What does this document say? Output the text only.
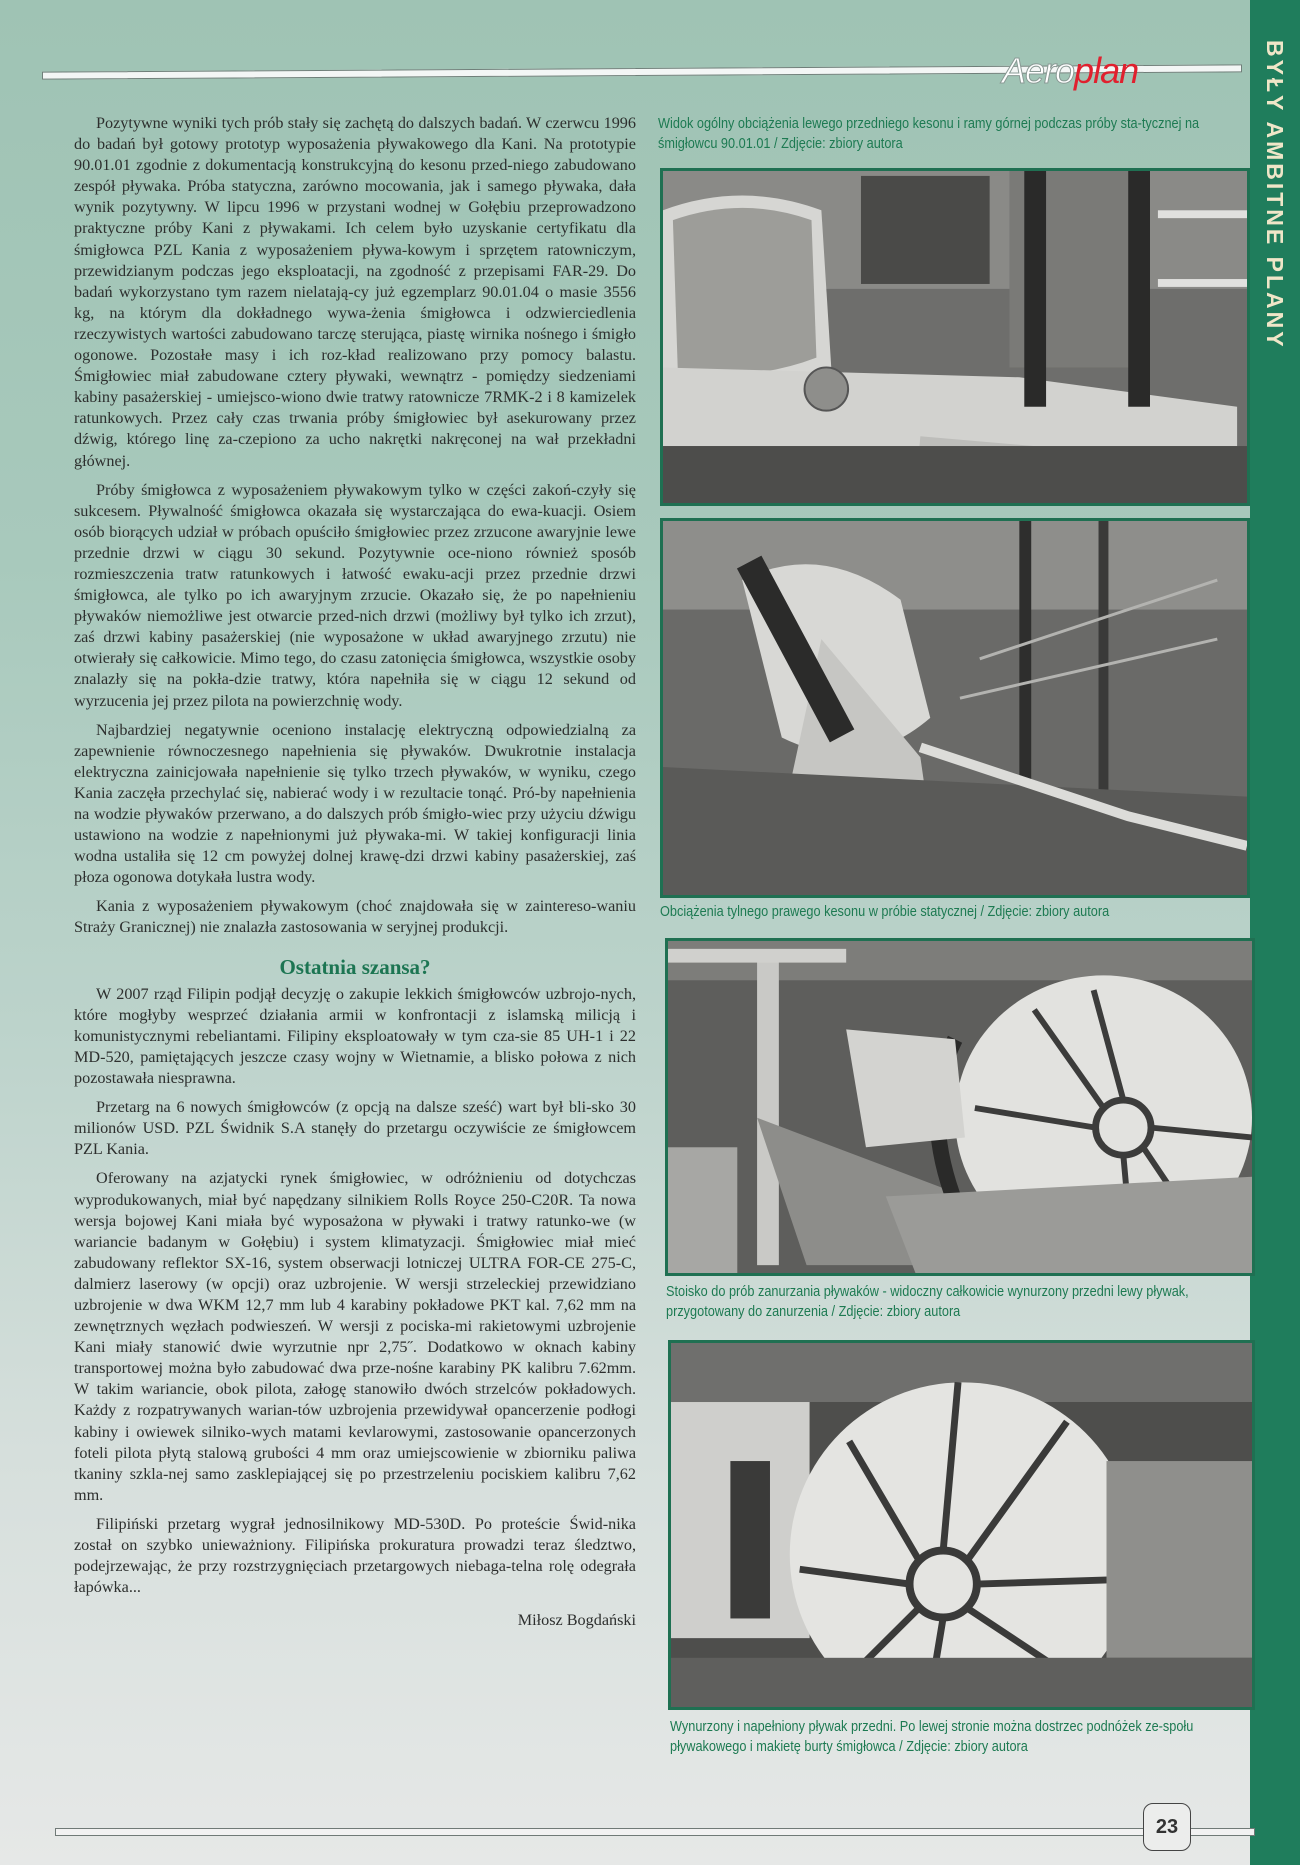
Aeroplan	BYŁY AMBITNE PLANY

Pozytywne wyniki tych prób stały się zachętą do dalszych badań. W czerwcu 1996 do badań był gotowy prototyp wyposażenia pływakowego dla Kani. Na prototypie 90.01.01 zgodnie z dokumentacją konstrukcyjną do kesonu przed-niego zabudowano zespół pływaka. Próba statyczna, zarówno mocowania, jak i samego pływaka, dała wynik pozytywny. W lipcu 1996 w przystani wodnej w Gołębiu przeprowadzono praktyczne próby Kani z pływakami. Ich celem było uzyskanie certyfikatu dla śmigłowca PZL Kania z wyposażeniem pływa-kowym i sprzętem ratowniczym, przewidzianym podczas jego eksploatacji, na zgodność z przepisami FAR-29. Do badań wykorzystano tym razem nielatają-cy już egzemplarz 90.01.04 o masie 3556 kg, na którym dla dokładnego wywa-żenia śmigłowca i odzwierciedlenia rzeczywistych wartości zabudowano tarczę sterująca, piastę wirnika nośnego i śmigło ogonowe. Pozostałe masy i ich roz-kład realizowano przy pomocy balastu. Śmigłowiec miał zabudowane cztery pływaki, wewnątrz - pomiędzy siedzeniami kabiny pasażerskiej - umiejsco-wiono dwie tratwy ratownicze 7RMK-2 i 8 kamizelek ratunkowych. Przez cały czas trwania próby śmigłowiec był asekurowany przez dźwig, którego linę za-czepiono za ucho nakrętki nakręconej na wał przekładni głównej.

Próby śmigłowca z wyposażeniem pływakowym tylko w części zakoń-czyły się sukcesem. Pływalność śmigłowca okazała się wystarczająca do ewa-kuacji. Osiem osób biorących udział w próbach opuściło śmigłowiec przez zrzucone awaryjnie lewe przednie drzwi w ciągu 30 sekund. Pozytywnie oce-niono również sposób rozmieszczenia tratw ratunkowych i łatwość ewaku-acji przez przednie drzwi śmigłowca, ale tylko po ich awaryjnym zrzucie. Okazało się, że po napełnieniu pływaków niemożliwe jest otwarcie przed-nich drzwi (możliwy był tylko ich zrzut), zaś drzwi kabiny pasażerskiej (nie wyposażone w układ awaryjnego zrzutu) nie otwierały się całkowicie. Mimo tego, do czasu zatonięcia śmigłowca, wszystkie osoby znalazły się na pokła-dzie tratwy, która napełniła się w ciągu 12 sekund od wyrzucenia jej przez pilota na powierzchnię wody.

Najbardziej negatywnie oceniono instalację elektryczną odpowiedzialną za zapewnienie równoczesnego napełnienia się pływaków. Dwukrotnie instalacja elektryczna zainicjowała napełnienie się tylko trzech pływaków, w wyniku, czego Kania zaczęła przechylać się, nabierać wody i w rezultacie tonąć. Pró-by napełnienia na wodzie pływaków przerwano, a do dalszych prób śmigło-wiec przy użyciu dźwigu ustawiono na wodzie z napełnionymi już pływaka-mi. W takiej konfiguracji linia wodna ustaliła się 12 cm powyżej dolnej krawę-dzi drzwi kabiny pasażerskiej, zaś płoza ogonowa dotykała lustra wody.

Kania z wyposażeniem pływakowym (choć znajdowała się w zaintereso-waniu Straży Granicznej) nie znalazła zastosowania w seryjnej produkcji.

Ostatnia szansa?

W 2007 rząd Filipin podjął decyzję o zakupie lekkich śmigłowców uzbrojo-nych, które mogłyby wesprzeć działania armii w konfrontacji z islamską milicją i komunistycznymi rebeliantami. Filipiny eksploatowały w tym cza-sie 85 UH-1 i 22 MD-520, pamiętających jeszcze czasy wojny w Wietnamie, a blisko połowa z nich pozostawała niesprawna.

Przetarg na 6 nowych śmigłowców (z opcją na dalsze sześć) wart był bli-sko 30 milionów USD. PZL Świdnik S.A stanęły do przetargu oczywiście ze śmigłowcem PZL Kania.

Oferowany na azjatycki rynek śmigłowiec, w odróżnieniu od dotychczas wyprodukowanych, miał być napędzany silnikiem Rolls Royce 250-C20R. Ta nowa wersja bojowej Kani miała być wyposażona w pływaki i tratwy ratunko-we (w wariancie badanym w Gołębiu) i system klimatyzacji. Śmigłowiec miał mieć zabudowany reflektor SX-16, system obserwacji lotniczej ULTRA FOR-CE 275-C, dalmierz laserowy (w opcji) oraz uzbrojenie. W wersji strzeleckiej przewidziano uzbrojenie w dwa WKM 12,7 mm lub 4 karabiny pokładowe PKT kal. 7,62 mm na zewnętrznych węzłach podwieszeń. W wersji z pociska-mi rakietowymi uzbrojenie Kani miały stanowić dwie wyrzutnie npr 2,75˝. Dodatkowo w oknach kabiny transportowej można było zabudować dwa prze-nośne karabiny PK kalibru 7.62mm. W takim wariancie, obok pilota, załogę stanowiło dwóch strzelców pokładowych. Każdy z rozpatrywanych warian-tów uzbrojenia przewidywał opancerzenie podłogi kabiny i owiewek silniko-wych matami kevlarowymi, zastosowanie opancerzonych foteli pilota płytą stalową grubości 4 mm oraz umiejscowienie w zbiorniku paliwa tkaniny szkla-nej samo zasklepiającej się po przestrzeleniu pociskiem kalibru 7,62 mm.

Filipiński przetarg wygrał jednosilnikowy MD-530D. Po proteście Świd-nika został on szybko unieważniony. Filipińska prokuratura prowadzi teraz śledztwo, podejrzewając, że przy rozstrzygnięciach przetargowych niebaga-telna rolę odegrała łapówka...

Miłosz Bogdański

Widok ogólny obciążenia lewego przedniego kesonu i ramy górnej podczas próby sta-tycznej na śmigłowcu 90.01.01 / Zdjęcie: zbiory autora
Obciążenia tylnego prawego kesonu w próbie statycznej / Zdjęcie: zbiory autora
Stoisko do prób zanurzania pływaków - widoczny całkowicie wynurzony przedni lewy pływak, przygotowany do zanurzenia / Zdjęcie: zbiory autora
Wynurzony i napełniony pływak przedni. Po lewej stronie można dostrzec podnóżek ze-społu pływakowego i makietę burty śmigłowca / Zdjęcie: zbiory autora
23
